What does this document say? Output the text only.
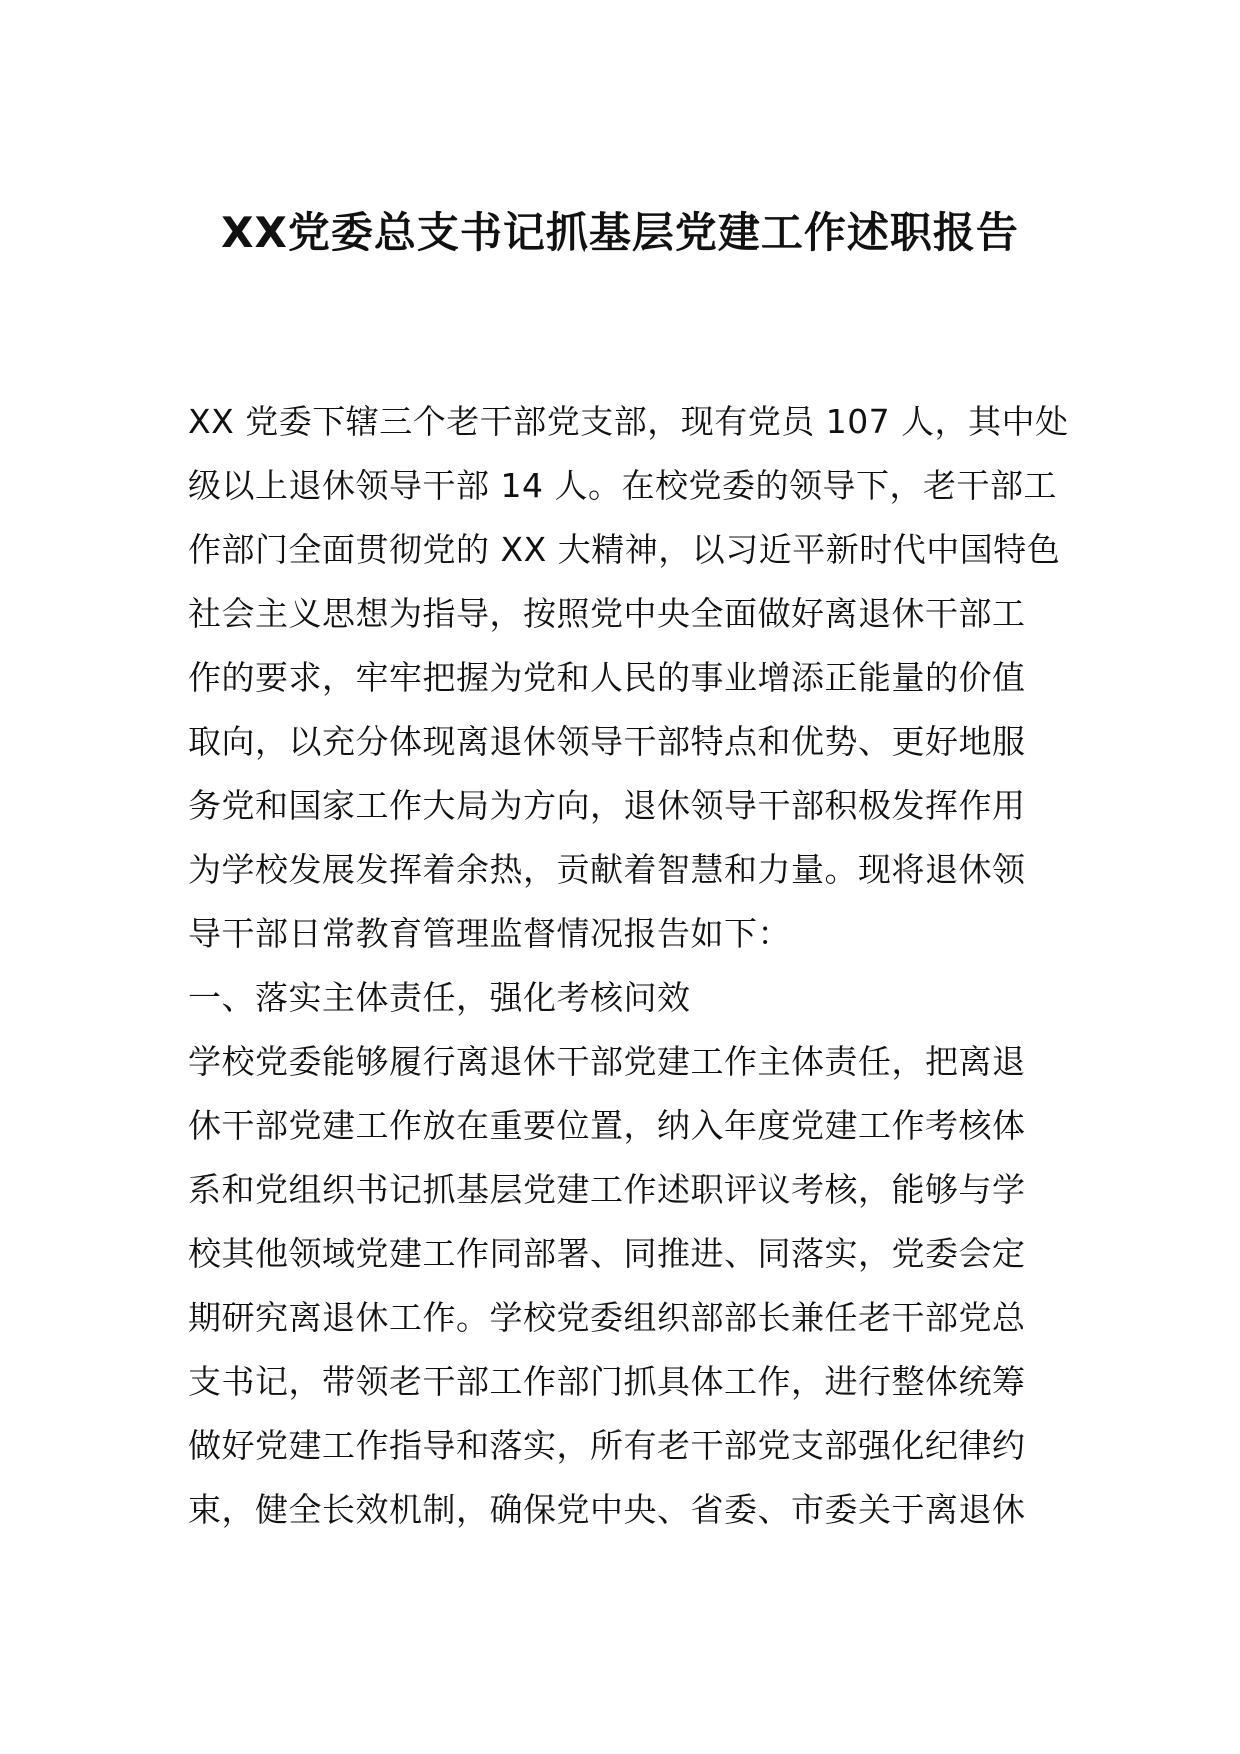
XX党委总支书记抓基层党建工作述职报告
XX 党委下辖三个老干部党支部，现有党员 107 人，其中处
级以上退休领导干部 14 人。在校党委的领导下，老干部工
作部门全面贯彻党的 XX 大精神，以习近平新时代中国特色
社会主义思想为指导，按照党中央全面做好离退休干部工
作的要求，牢牢把握为党和人民的事业增添正能量的价值
取向，以充分体现离退休领导干部特点和优势、更好地服
务党和国家工作大局为方向，退休领导干部积极发挥作用
为学校发展发挥着余热，贡献着智慧和力量。现将退休领
导干部日常教育管理监督情况报告如下：
一、落实主体责任，强化考核问效
学校党委能够履行离退休干部党建工作主体责任，把离退
休干部党建工作放在重要位置，纳入年度党建工作考核体
系和党组织书记抓基层党建工作述职评议考核，能够与学
校其他领域党建工作同部署、同推进、同落实，党委会定
期研究离退休工作。学校党委组织部部长兼任老干部党总
支书记，带领老干部工作部门抓具体工作，进行整体统筹
做好党建工作指导和落实，所有老干部党支部强化纪律约
束，健全长效机制，确保党中央、省委、市委关于离退休
